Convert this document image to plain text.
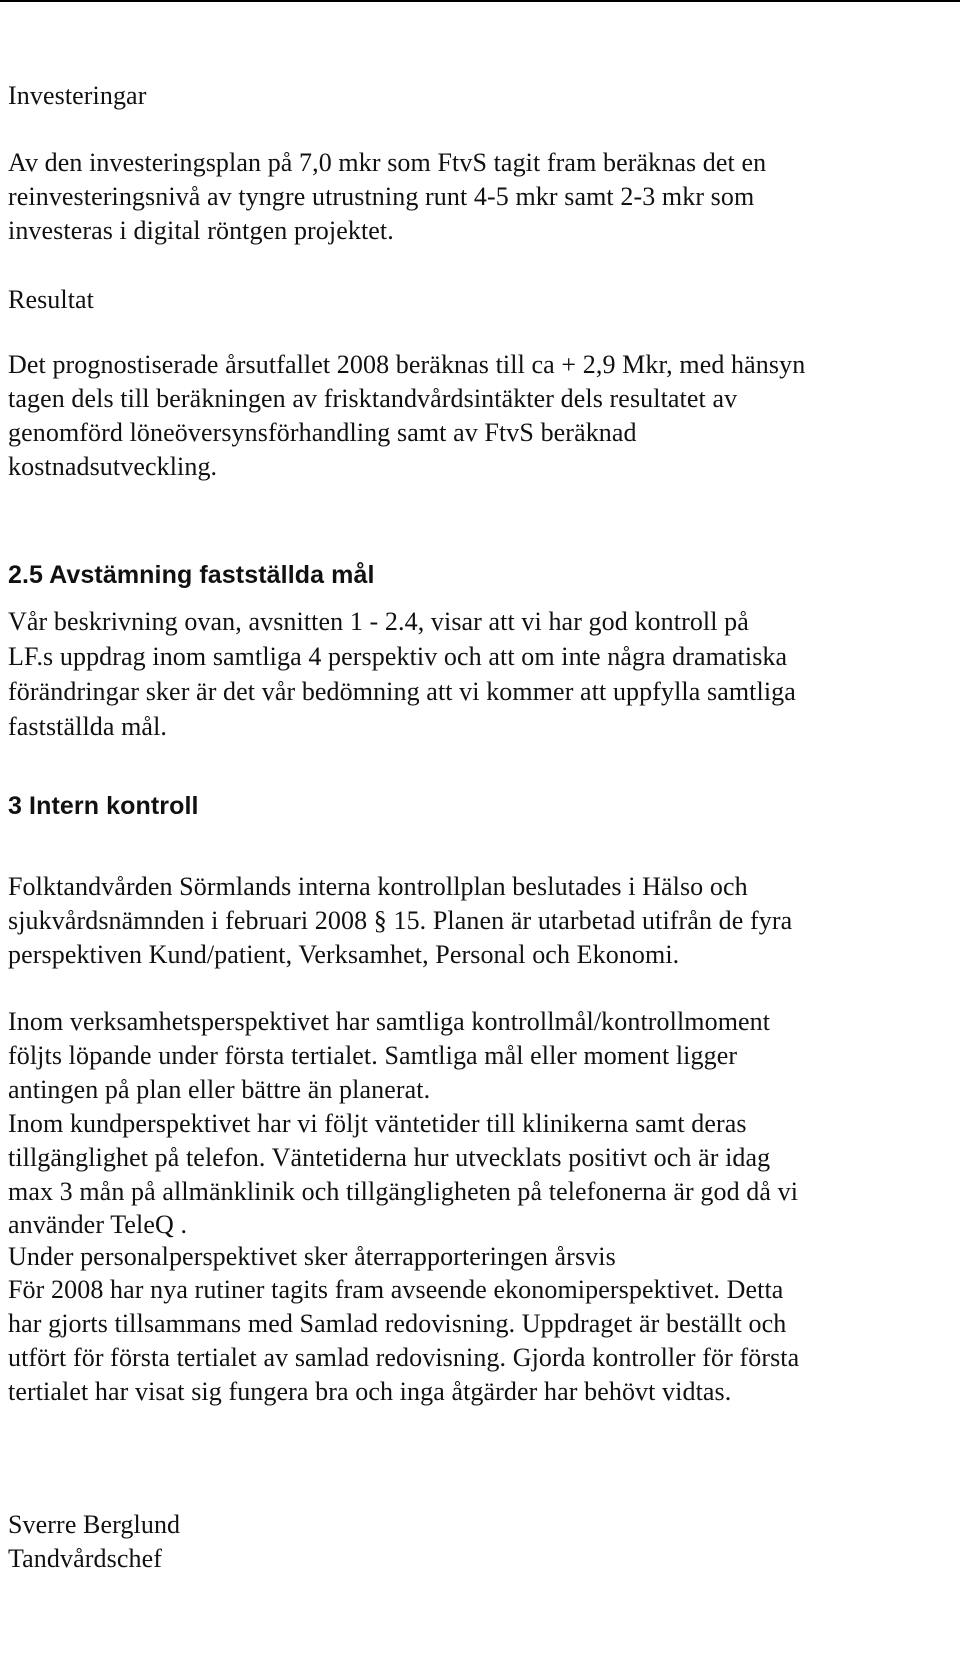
Investeringar
Av den investeringsplan på 7,0 mkr som FtvS tagit fram beräknas det en
reinvesteringsnivå av tyngre utrustning runt 4-5 mkr samt 2-3 mkr som
investeras i digital röntgen projektet.
Resultat
Det prognostiserade årsutfallet 2008 beräknas till ca + 2,9 Mkr, med hänsyn
tagen dels till beräkningen av frisktandvårdsintäkter dels resultatet av
genomförd löneöversynsförhandling samt av FtvS beräknad
kostnadsutveckling.
2.5 Avstämning fastställda mål
Vår beskrivning ovan, avsnitten 1 - 2.4, visar att vi har god kontroll på
LF.s uppdrag inom samtliga 4 perspektiv och att om inte några dramatiska
förändringar sker är det vår bedömning att vi kommer att uppfylla samtliga
fastställda mål.
3 Intern kontroll
Folktandvården Sörmlands interna kontrollplan beslutades i Hälso och
sjukvårdsnämnden i februari 2008 § 15. Planen är utarbetad utifrån de fyra
perspektiven Kund/patient, Verksamhet, Personal och Ekonomi.
Inom verksamhetsperspektivet har samtliga kontrollmål/kontrollmoment
följts löpande under första tertialet. Samtliga mål eller moment ligger
antingen på plan eller bättre än planerat.
Inom kundperspektivet har vi följt väntetider till klinikerna samt deras
tillgänglighet på telefon. Väntetiderna hur utvecklats positivt och är idag
max 3 mån på allmänklinik och tillgängligheten på telefonerna är god då vi
använder TeleQ .
Under personalperspektivet sker återrapporteringen årsvis
För 2008 har nya rutiner tagits fram avseende ekonomiperspektivet. Detta
har gjorts tillsammans med Samlad redovisning. Uppdraget är beställt och
utfört för första tertialet av samlad redovisning. Gjorda kontroller för första
tertialet har visat sig fungera bra och inga åtgärder har behövt vidtas.
Sverre Berglund
Tandvårdschef
